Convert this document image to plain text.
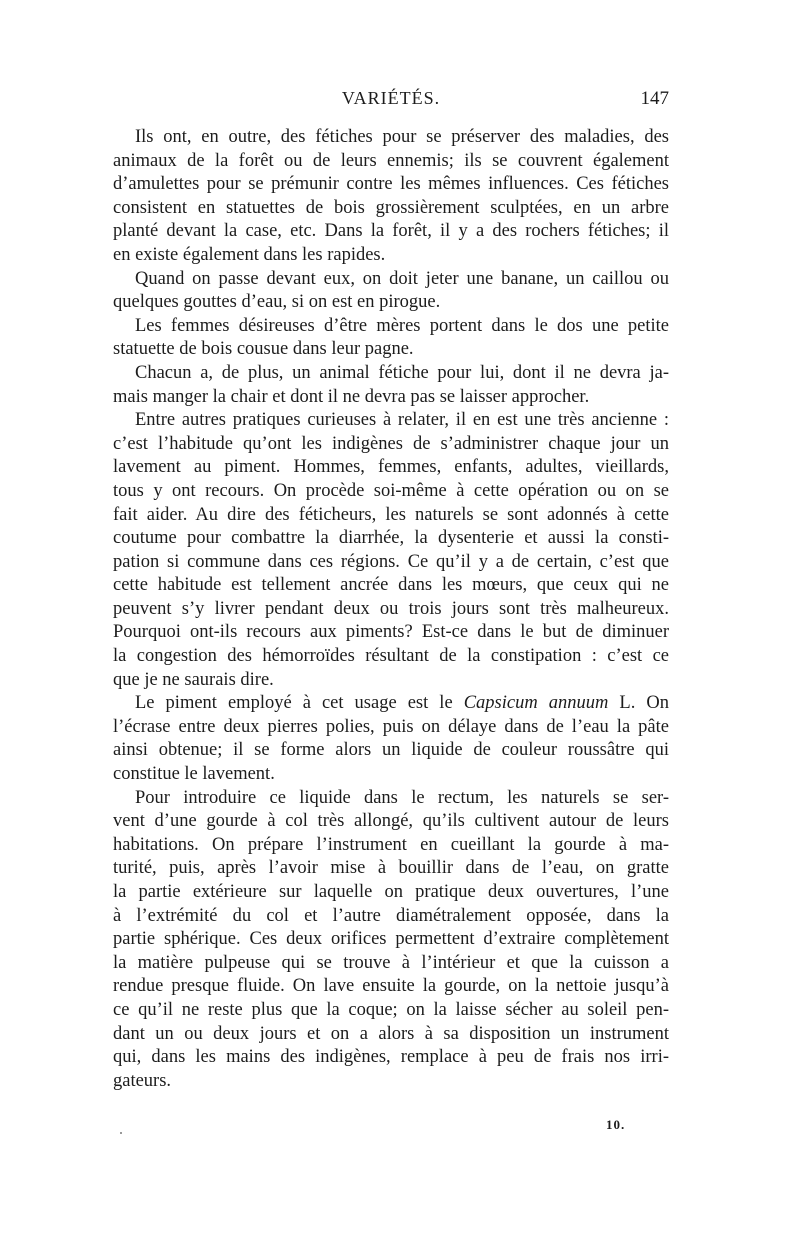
VARIÉTÉS.	147
Ils ont, en outre, des fétiches pour se préserver des maladies, des
animaux de la forêt ou de leurs ennemis; ils se couvrent également
d’amulettes pour se prémunir contre les mêmes influences. Ces fétiches
consistent en statuettes de bois grossièrement sculptées, en un arbre
planté devant la case, etc. Dans la forêt, il y a des rochers fétiches; il
en existe également dans les rapides.
Quand on passe devant eux, on doit jeter une banane, un caillou ou
quelques gouttes d’eau, si on est en pirogue.
Les femmes désireuses d’être mères portent dans le dos une petite
statuette de bois cousue dans leur pagne.
Chacun a, de plus, un animal fétiche pour lui, dont il ne devra ja-
mais manger la chair et dont il ne devra pas se laisser approcher.
Entre autres pratiques curieuses à relater, il en est une très ancienne :
c’est l’habitude qu’ont les indigènes de s’administrer chaque jour un
lavement au piment. Hommes, femmes, enfants, adultes, vieillards,
tous y ont recours. On procède soi-même à cette opération ou on se
fait aider. Au dire des féticheurs, les naturels se sont adonnés à cette
coutume pour combattre la diarrhée, la dysenterie et aussi la consti-
pation si commune dans ces régions. Ce qu’il y a de certain, c’est que
cette habitude est tellement ancrée dans les mœurs, que ceux qui ne
peuvent s’y livrer pendant deux ou trois jours sont très malheureux.
Pourquoi ont-ils recours aux piments? Est-ce dans le but de diminuer
la congestion des hémorroïdes résultant de la constipation : c’est ce
que je ne saurais dire.
Le piment employé à cet usage est le Capsicum annuum L. On
l’écrase entre deux pierres polies, puis on délaye dans de l’eau la pâte
ainsi obtenue; il se forme alors un liquide de couleur roussâtre qui
constitue le lavement.
Pour introduire ce liquide dans le rectum, les naturels se ser-
vent d’une gourde à col très allongé, qu’ils cultivent autour de leurs
habitations. On prépare l’instrument en cueillant la gourde à ma-
turité, puis, après l’avoir mise à bouillir dans de l’eau, on gratte
la partie extérieure sur laquelle on pratique deux ouvertures, l’une
à l’extrémité du col et l’autre diamétralement opposée, dans la
partie sphérique. Ces deux orifices permettent d’extraire complètement
la matière pulpeuse qui se trouve à l’intérieur et que la cuisson a
rendue presque fluide. On lave ensuite la gourde, on la nettoie jusqu’à
ce qu’il ne reste plus que la coque; on la laisse sécher au soleil pen-
dant un ou deux jours et on a alors à sa disposition un instrument
qui, dans les mains des indigènes, remplace à peu de frais nos irri-
gateurs.
10.
